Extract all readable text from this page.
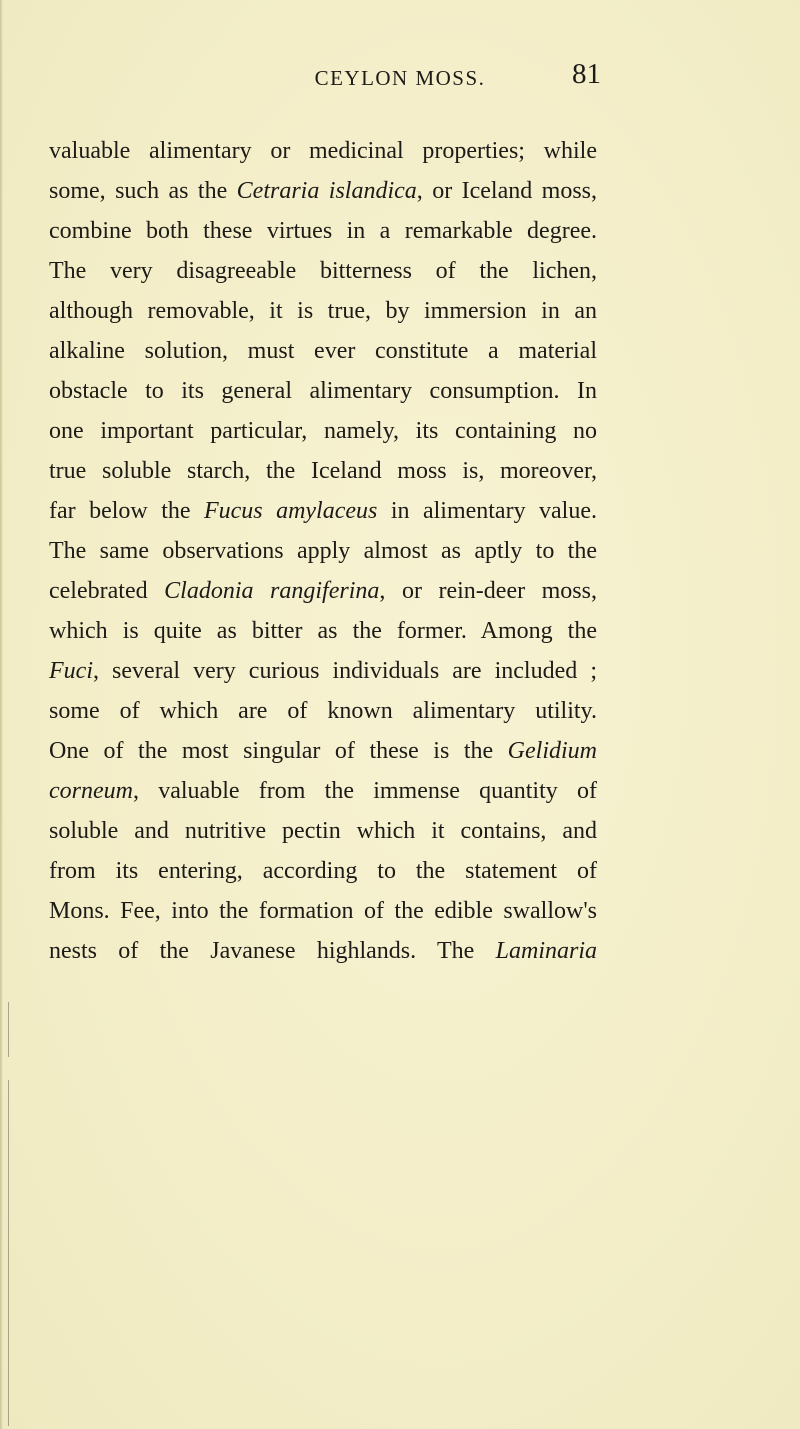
CEYLON MOSS.	81
valuable alimentary or medicinal properties; while
some, such as the Cetraria islandica, or Iceland moss,
combine both these virtues in a remarkable degree.
The very disagreeable bitterness of the lichen,
although removable, it is true, by immersion in an
alkaline solution, must ever constitute a material
obstacle to its general alimentary consumption. In
one important particular, namely, its containing no
true soluble starch, the Iceland moss is, moreover,
far below the Fucus amylaceus in alimentary value.
The same observations apply almost as aptly to the
celebrated Cladonia rangiferina, or rein-deer moss,
which is quite as bitter as the former. Among the
Fuci, several very curious individuals are included ;
some of which are of known alimentary utility.
One of the most singular of these is the Gelidium
corneum, valuable from the immense quantity of
soluble and nutritive pectin which it contains, and
from its entering, according to the statement of
Mons. Fee, into the formation of the edible swallow's
nests of the Javanese highlands. The Laminaria
